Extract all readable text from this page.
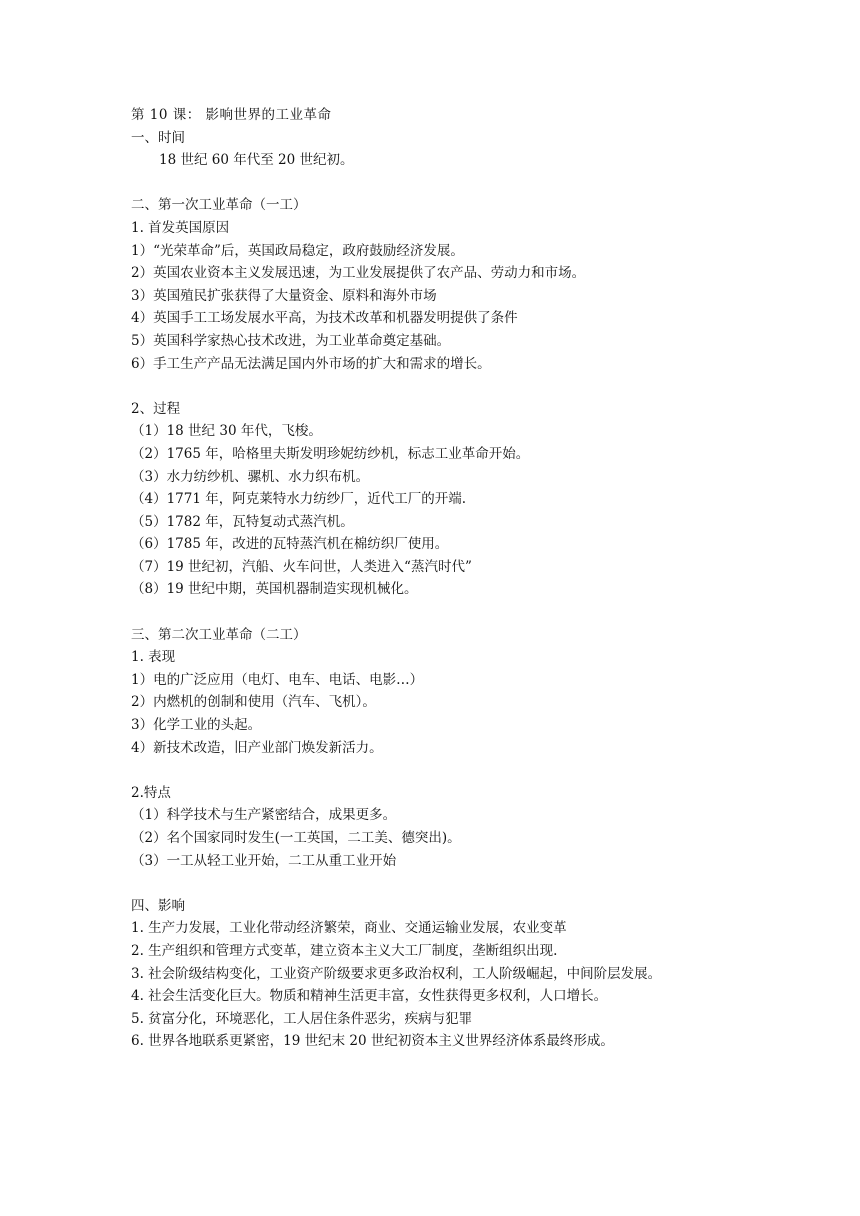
第 10 课： 影响世界的工业革命
一、时间
18 世纪 60 年代至 20 世纪初。
二、第一次工业革命（一工）
1. 首发英国原因
1）“光荣革命”后，英国政局稳定，政府鼓励经济发展。
2）英国农业资本主义发展迅速，为工业发展提供了农产品、劳动力和市场。
3）英国殖民扩张获得了大量资金、原料和海外市场
4）英国手工工场发展水平高，为技术改革和机器发明提供了条件
5）英国科学家热心技术改进，为工业革命奠定基础。
6）手工生产产品无法满足国内外市场的扩大和需求的增长。
2、过程
（1）18 世纪 30 年代，飞梭。
（2）1765 年，哈格里夫斯发明珍妮纺纱机，标志工业革命开始。
（3）水力纺纱机、骡机、水力织布机。
（4）1771 年，阿克莱特水力纺纱厂，近代工厂的开端.
（5）1782 年，瓦特复动式蒸汽机。
（6）1785 年，改进的瓦特蒸汽机在棉纺织厂使用。
（7）19 世纪初，汽船、火车问世，人类进入“蒸汽时代”
（8）19 世纪中期，英国机器制造实现机械化。
三、第二次工业革命（二工）
1. 表现
1）电的广泛应用（电灯、电车、电话、电影…）
2）内燃机的创制和使用（汽车、飞机）。
3）化学工业的头起。
4）新技术改造，旧产业部门焕发新活力。
2.特点
（1）科学技术与生产紧密结合，成果更多。
（2）名个国家同时发生(一工英国，二工美、德突出)。
（3）一工从轻工业开始，二工从重工业开始
四、影响
1. 生产力发展，工业化带动经济繁荣，商业、交通运输业发展，农业变革
2. 生产组织和管理方式变革，建立资本主义大工厂制度，垄断组织出现.
3. 社会阶级结构变化，工业资产阶级要求更多政治权利，工人阶级崛起，中间阶层发展。
4. 社会生活变化巨大。物质和精神生活更丰富，女性获得更多权利，人口增长。
5. 贫富分化，环境恶化，工人居住条件恶劣，疾病与犯罪
6. 世界各地联系更紧密，19 世纪末 20 世纪初资本主义世界经济体系最终形成。
